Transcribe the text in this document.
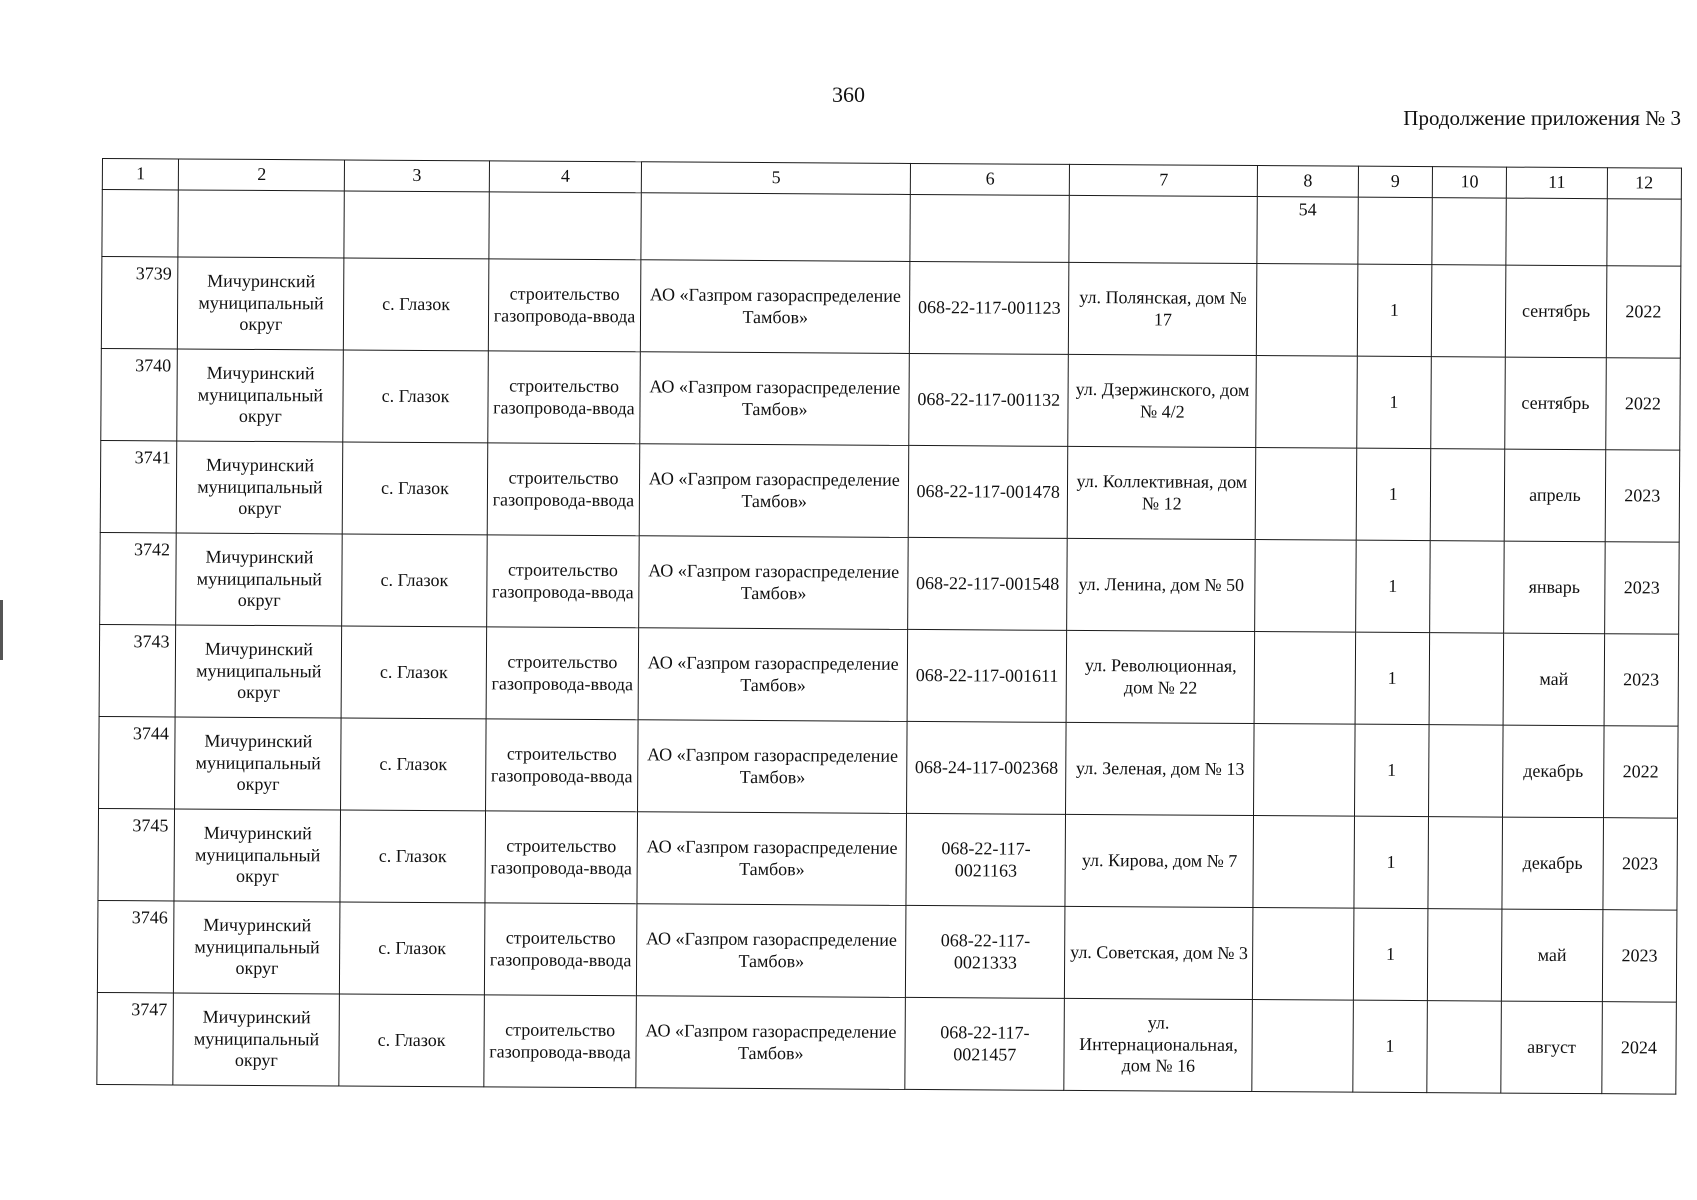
360
Продолжение приложения № 3
1	2	3	4	5	6	7	8	9	10	11	12
							54				
3739	Мичуринский муниципальный округ	с. Глазок	строительство газопровода-ввода	АО «Газпром газораспределение Тамбов»	068-22-117-001123	ул. Полянская, дом № 17		1		сентябрь	2022
3740	Мичуринский муниципальный округ	с. Глазок	строительство газопровода-ввода	АО «Газпром газораспределение Тамбов»	068-22-117-001132	ул. Дзержинского, дом № 4/2		1		сентябрь	2022
3741	Мичуринский муниципальный округ	с. Глазок	строительство газопровода-ввода	АО «Газпром газораспределение Тамбов»	068-22-117-001478	ул. Коллективная, дом № 12		1		апрель	2023
3742	Мичуринский муниципальный округ	с. Глазок	строительство газопровода-ввода	АО «Газпром газораспределение Тамбов»	068-22-117-001548	ул. Ленина, дом № 50		1		январь	2023
3743	Мичуринский муниципальный округ	с. Глазок	строительство газопровода-ввода	АО «Газпром газораспределение Тамбов»	068-22-117-001611	ул. Революционная, дом № 22		1		май	2023
3744	Мичуринский муниципальный округ	с. Глазок	строительство газопровода-ввода	АО «Газпром газораспределение Тамбов»	068-24-117-002368	ул. Зеленая, дом № 13		1		декабрь	2022
3745	Мичуринский муниципальный округ	с. Глазок	строительство газопровода-ввода	АО «Газпром газораспределение Тамбов»	068-22-117-0021163	ул. Кирова, дом № 7		1		декабрь	2023
3746	Мичуринский муниципальный округ	с. Глазок	строительство газопровода-ввода	АО «Газпром газораспределение Тамбов»	068-22-117-0021333	ул. Советская, дом № 3		1		май	2023
3747	Мичуринский муниципальный округ	с. Глазок	строительство газопровода-ввода	АО «Газпром газораспределение Тамбов»	068-22-117-0021457	ул. Интернациональная, дом № 16		1		август	2024
